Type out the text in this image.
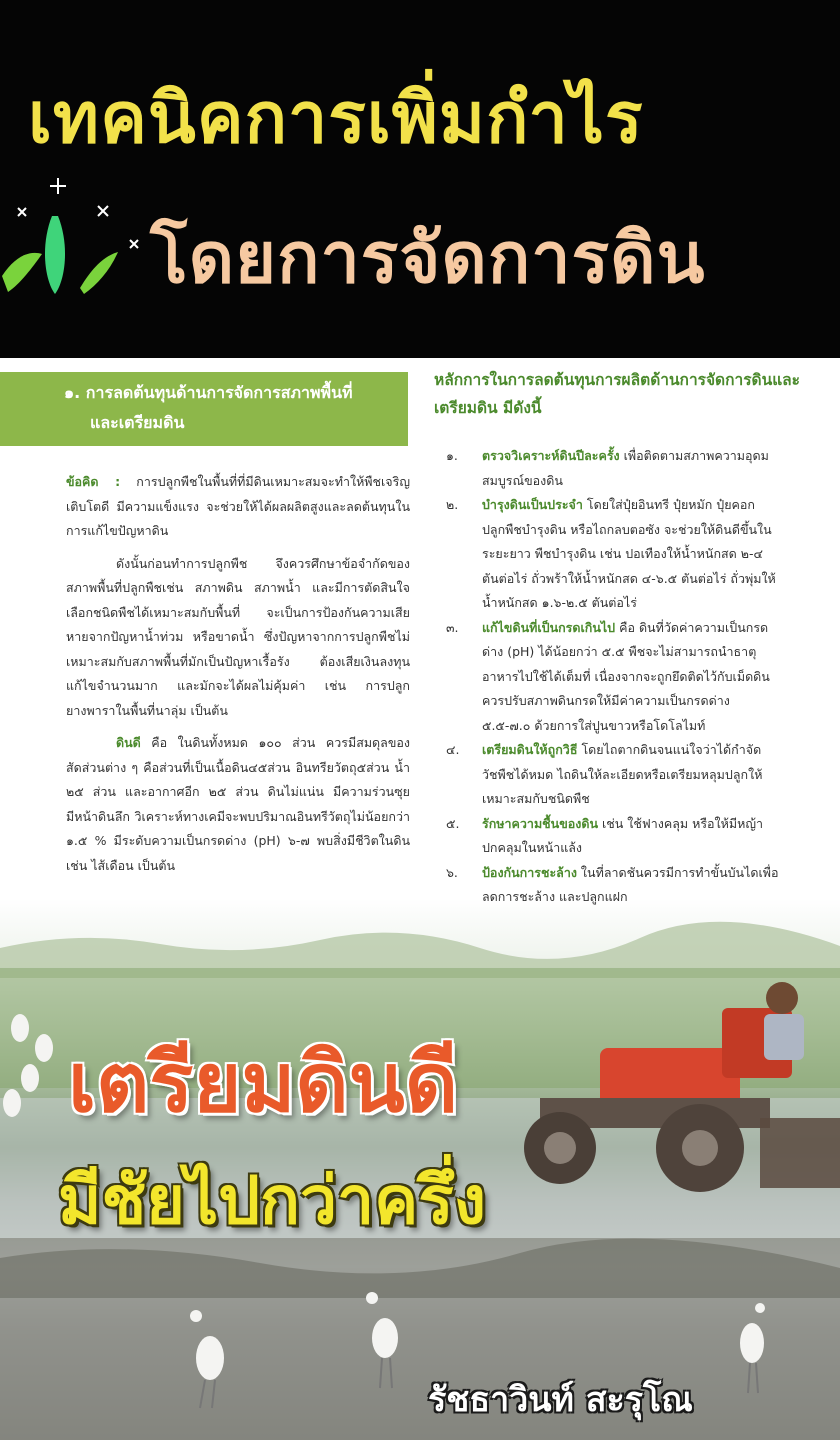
เทคนิคการเพิ่มกำไร
โดยการจัดการดิน
๑. การลดต้นทุนด้านการจัดการสภาพพื้นที่
และเตรียมดิน

ข้อคิด : การปลูกพืชในพื้นที่ที่มีดินเหมาะสมจะทำให้พืชเจริญเติบโตดี มีความแข็งแรง จะช่วยให้ได้ผลผลิตสูงและลดต้นทุนในการแก้ไขปัญหาดิน

ดังนั้นก่อนทำการปลูกพืช จึงควรศึกษาข้อจำกัดของสภาพพื้นที่ปลูกพืชเช่น สภาพดิน สภาพน้ำ และมีการตัดสินใจเลือกชนิดพืชได้เหมาะสมกับพื้นที่ จะเป็นการป้องกันความเสียหายจากปัญหาน้ำท่วม หรือขาดน้ำ ซึ่งปัญหาจากการปลูกพืชไม่เหมาะสมกับสภาพพื้นที่มักเป็นปัญหาเรื้อรัง ต้องเสียเงินลงทุนแก้ไขจำนวนมาก และมักจะได้ผลไม่คุ้มค่า เช่น การปลูกยางพาราในพื้นที่นาลุ่ม เป็นต้น

ดินดี คือ ในดินทั้งหมด ๑๐๐ ส่วน ควรมีสมดุลของสัดส่วนต่าง ๆ คือส่วนที่เป็นเนื้อดิน๔๕ส่วน อินทรียวัตถุ๕ส่วน น้ำ ๒๕ ส่วน และอากาศอีก ๒๕ ส่วน ดินไม่แน่น มีความร่วนซุย มีหน้าดินลึก วิเคราะห์ทางเคมีจะพบปริมาณอินทรีวัตถุไม่น้อยกว่า ๑.๕ % มีระดับความเป็นกรดด่าง (pH) ๖-๗ พบสิ่งมีชีวิตในดิน เช่น ไส้เดือน เป็นต้น

หลักการในการลดต้นทุนการผลิตด้านการจัดการดินและเตรียมดิน มีดังนี้
๑.	ตรวจวิเคราะห์ดินปีละครั้ง เพื่อติดตามสภาพความอุดมสมบูรณ์ของดิน
๒.	บำรุงดินเป็นประจำ โดยใส่ปุ๋ยอินทรี ปุ๋ยหมัก ปุ๋ยคอก ปลูกพืชบำรุงดิน หรือไถกลบตอซัง จะช่วยให้ดินดีขึ้นในระยะยาว พืชบำรุงดิน เช่น ปอเทืองให้น้ำหนักสด ๒-๔ ตันต่อไร่ ถั่วพร้าให้น้ำหนักสด ๔-๖.๕ ตันต่อไร่ ถั่วพุ่มให้น้ำหนักสด ๑.๖-๒.๕ ตันต่อไร่
๓.	แก้ไขดินที่เป็นกรดเกินไป คือ ดินที่วัดค่าความเป็นกรดด่าง (pH) ได้น้อยกว่า ๕.๕ พืชจะไม่สามารถนำธาตุอาหารไปใช้ได้เต็มที่ เนื่องจากจะถูกยึดติดไว้กับเม็ดดิน ควรปรับสภาพดินกรดให้มีค่าความเป็นกรดด่าง ๕.๕-๗.๐ ด้วยการใส่ปูนขาวหรือโดโลไมท์
๔.	เตรียมดินให้ถูกวิธี โดยไถตากดินจนแน่ใจว่าได้กำจัดวัชพืชได้หมด ไถดินให้ละเอียดหรือเตรียมหลุมปลูกให้เหมาะสมกับชนิดพืช
๕.	รักษาความชื้นของดิน เช่น ใช้ฟางคลุม หรือให้มีหญ้าปกคลุมในหน้าแล้ง
๖.	ป้องกันการชะล้าง ในที่ลาดชันควรมีการทำขั้นบันไดเพื่อลดการชะล้าง และปลูกแฝก
เตรียมดินดี
มีชัยไปกว่าครึ่ง
รัชธาวินท์ สะรุโณ
